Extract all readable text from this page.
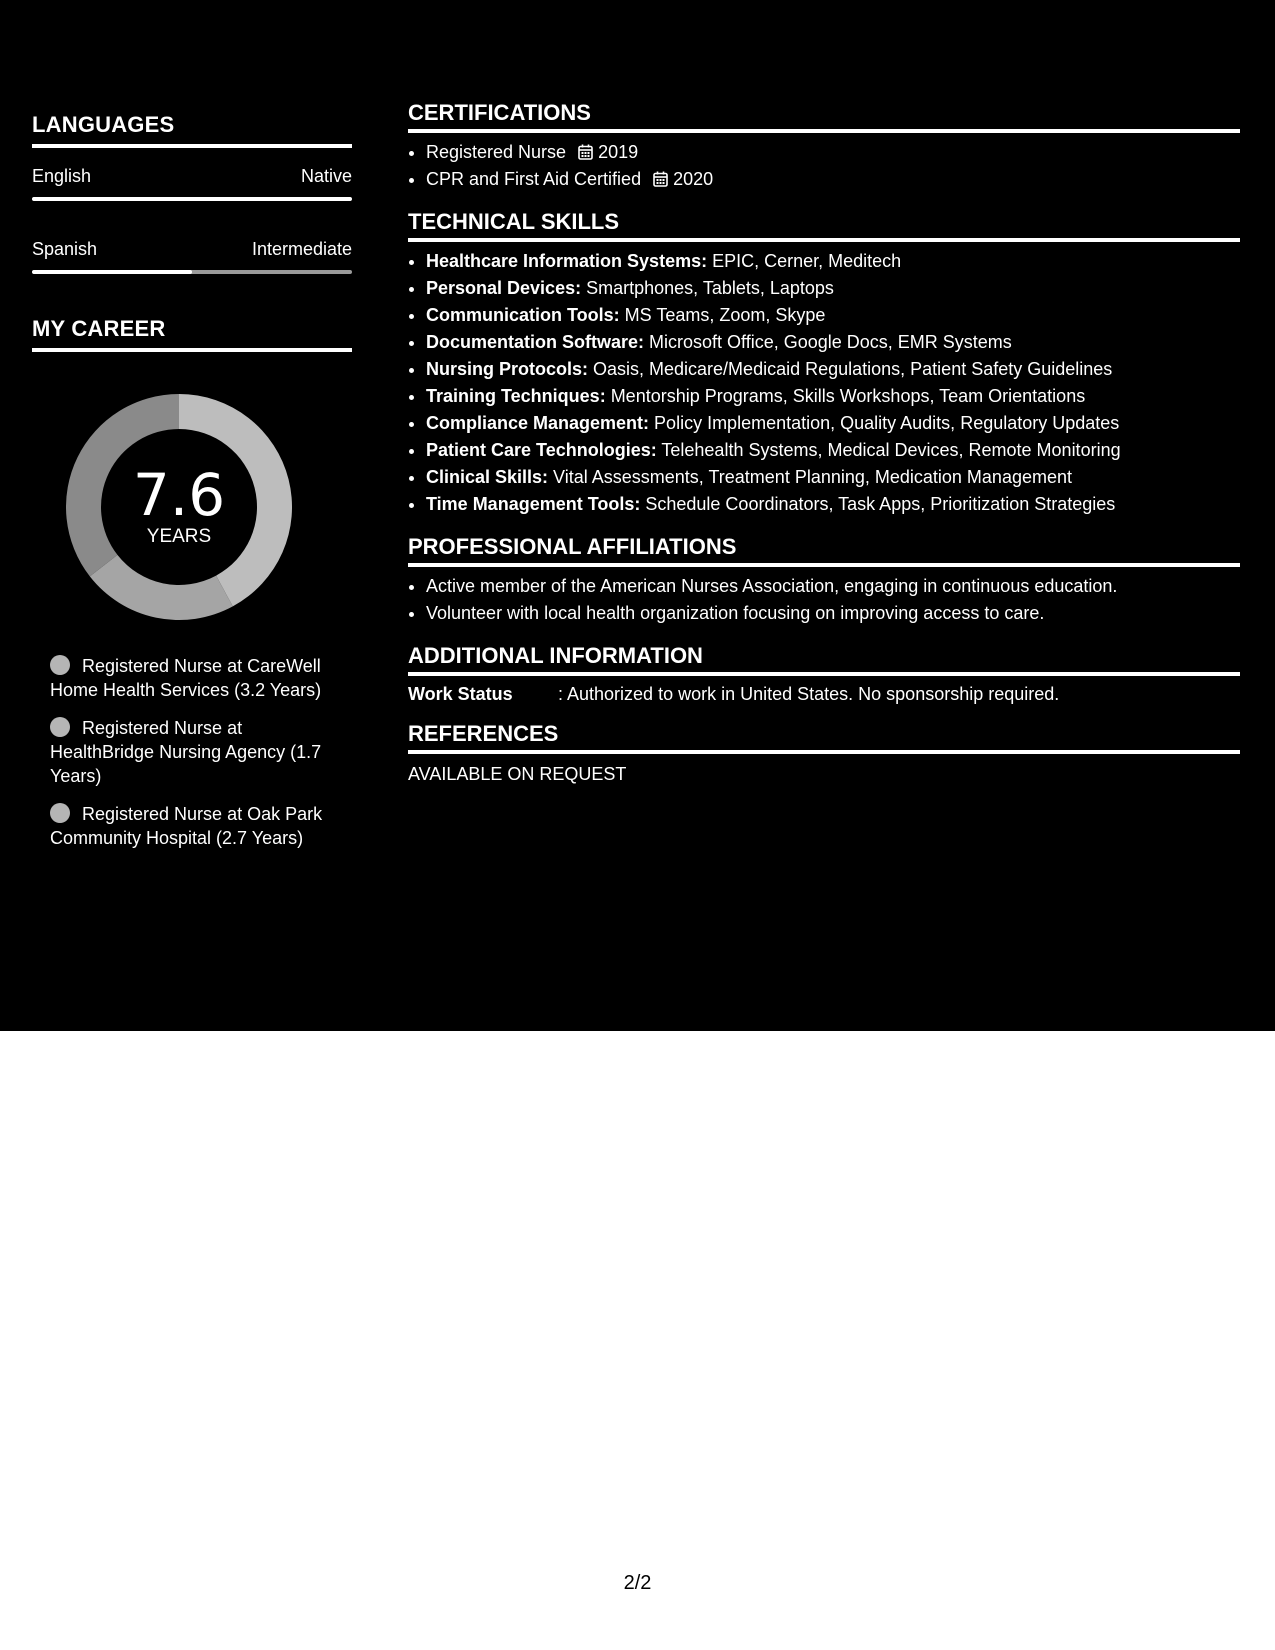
LANGUAGES
English	Native
Spanish	Intermediate
MY CAREER
7.6
YEARS
Registered Nurse at CareWell Home Health Services (3.2 Years)
Registered Nurse at HealthBridge Nursing Agency (1.7 Years)
Registered Nurse at Oak Park Community Hospital (2.7 Years)
CERTIFICATIONS
• Registered Nurse 2019
• CPR and First Aid Certified 2020
TECHNICAL SKILLS
• Healthcare Information Systems: EPIC, Cerner, Meditech
• Personal Devices: Smartphones, Tablets, Laptops
• Communication Tools: MS Teams, Zoom, Skype
• Documentation Software: Microsoft Office, Google Docs, EMR Systems
• Nursing Protocols: Oasis, Medicare/Medicaid Regulations, Patient Safety Guidelines
• Training Techniques: Mentorship Programs, Skills Workshops, Team Orientations
• Compliance Management: Policy Implementation, Quality Audits, Regulatory Updates
• Patient Care Technologies: Telehealth Systems, Medical Devices, Remote Monitoring
• Clinical Skills: Vital Assessments, Treatment Planning, Medication Management
• Time Management Tools: Schedule Coordinators, Task Apps, Prioritization Strategies
PROFESSIONAL AFFILIATIONS
• Active member of the American Nurses Association, engaging in continuous education.
• Volunteer with local health organization focusing on improving access to care.
ADDITIONAL INFORMATION
Work Status	: Authorized to work in United States. No sponsorship required.
REFERENCES
AVAILABLE ON REQUEST
2/2
